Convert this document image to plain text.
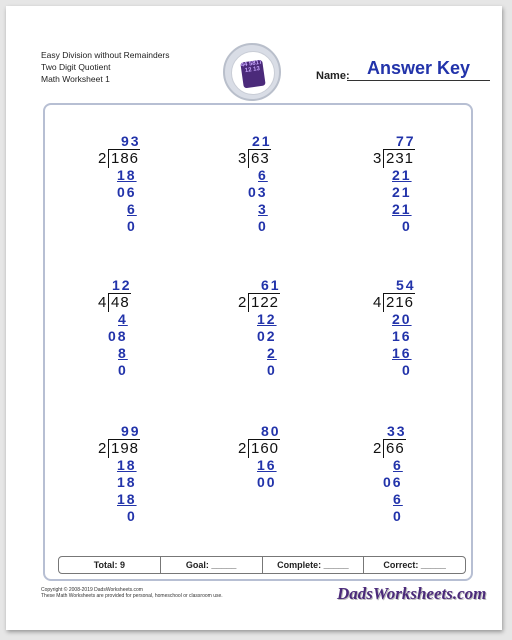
Easy Division without Remainders
Two Digit Quotient
Math Worksheet 1
44 5817 12 13	Name: Answer Key
93
2 186
18
06
6
0
21
3 63
6
03
3
0
77
3 231
21
21
21
0
12
4 48
4
08
8
0
61
2 122
12
02
2
0
54
4 216
20
16
16
0
99
2 198
18
18
18
0
80
2 160
16
00
33
2 66
6
06
6
0
Total: 9	Goal: _____	Complete: _____	Correct: _____
Copyright © 2008-2019 DadsWorksheets.com
These Math Worksheets are provided for personal, homeschool or classroom use.	DadsWorksheets.com
